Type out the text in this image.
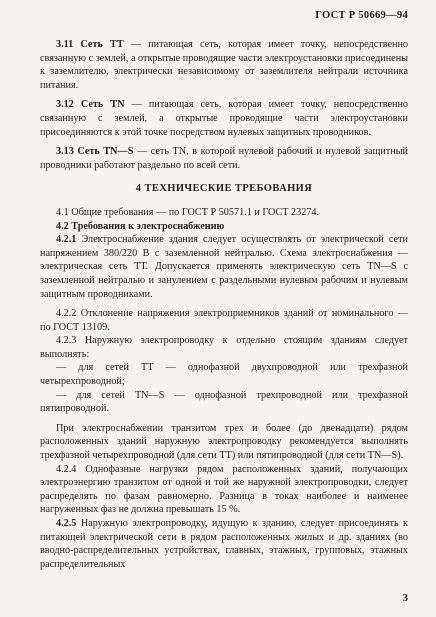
ГОСТ Р 50669—94

3.11 Сеть ТТ — питающая сеть, которая имеет точку, непосредственно связанную с землей, а открытые проводящие части электроустановки присоединены к заземлителю, электрически независимому от заземлителя нейтрали источника питания.

3.12 Сеть ТN — питающая сеть, которая имеет точку, непосредственно связанную с землей, а открытые проводящие части электроустановки присоединяются к этой точке посредством нулевых защитных проводников.

3.13 Сеть ТN—S — сеть ТN, в которой нулевой рабочий и нулевой защитный проводники работают раздельно по всей сети.

4 ТЕХНИЧЕСКИЕ ТРЕБОВАНИЯ

4.1 Общие требования — по ГОСТ Р 50571.1 и ГОСТ 23274.

4.2 Требования к электроснабжению

4.2.1 Электроснабжение здания следует осуществлять от электрической сети напряжением 380/220 В с заземленной нейтралью. Схема электроснабжения — электрическая сеть ТТ. Допускается применять электрическую сеть ТN—S с заземленной нейтралью и занулением с раздельными нулевым рабочим и нулевым защитным проводниками.

4.2.2 Отклонение напряжения электроприемников зданий от номинального — по ГОСТ 13109.

4.2.3 Наружную электропроводку к отдельно стоящим зданиям следует выполнять:

— для сетей ТТ — однофазной двухпроводной или трехфазной четырехпроводной;

— для сетей ТN—S — однофазной трехпроводной или трехфазной пятипроводной.

При электроснабжении транзитом трех и более (до двенадцати) рядом расположенных зданий наружную электропроводку рекомендуется выполнять трехфазной четырехпроводной (для сети ТТ) или пятипроводной (для сети ТN—S).

4.2.4 Однофазные нагрузки рядом расположенных зданий, получающих электроэнергию транзитом от одной и той же наружной электропроводки, следует распределять по фазам равномерно. Разница в токах наиболее и наименее нагруженных фаз не должна превышать 15 %.

4.2.5 Наружную электропроводку, идущую к зданию, следует присоединять к питающей электрической сети в рядом расположенных жилых и др. зданиях (во вводно-распределительных устройствах, главных, этажных, групповых, этажных распределительных

3
